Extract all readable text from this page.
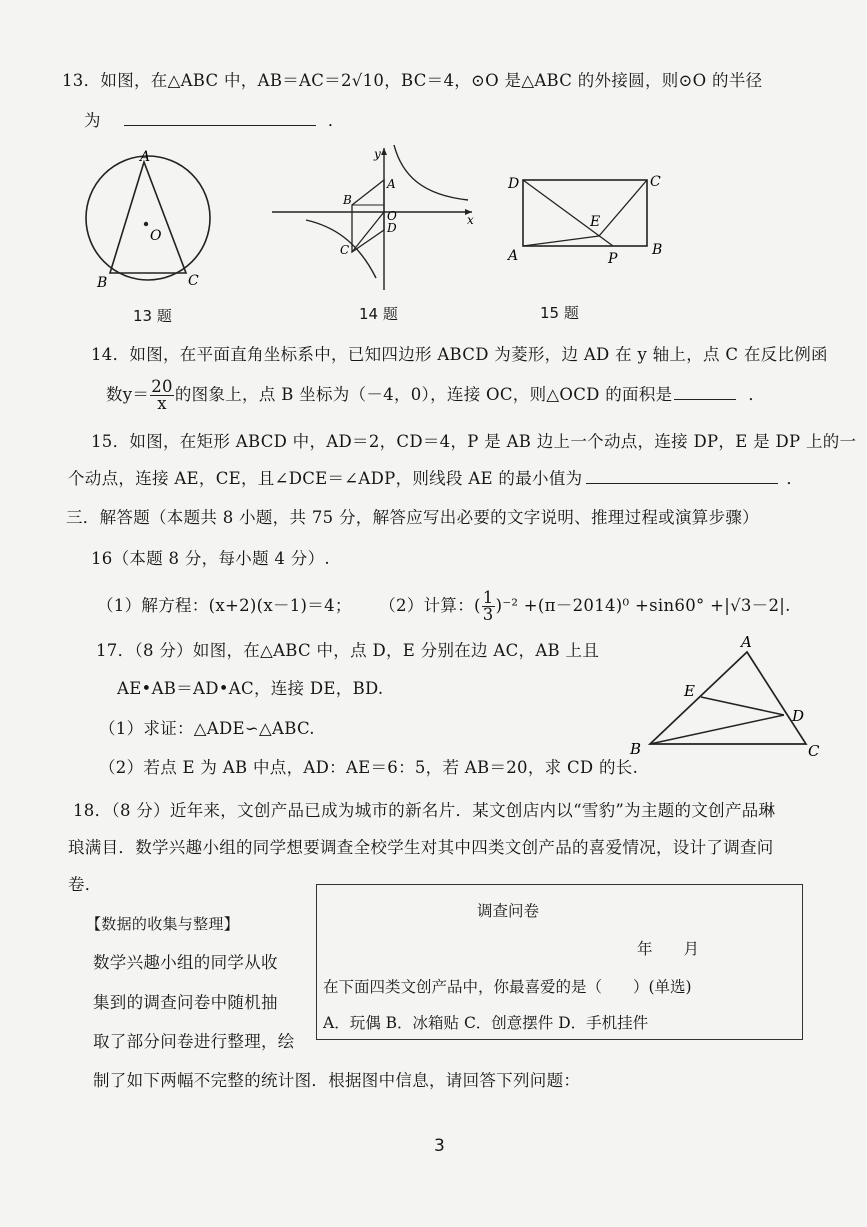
13．如图，在△ABC 中，AB＝AC＝2√10，BC＝4，⊙O 是△ABC 的外接圆，则⊙O 的半径
为	．
A
O
B	C
13 题
y
x
A
B
O
D
C
14 题
D	C
E
A	B
P
15 题
14．如图，在平面直角坐标系中，已知四边形 ABCD 为菱形，边 AD 在 y 轴上，点 C 在反比例函
数$y= \frac{20}{x}$ 的图象上，点 B 坐标为（－4，0），连接 OC，则△OCD 的面积是	．
15．如图，在矩形 ABCD 中，AD＝2，CD＝4，P 是 AB 边上一个动点，连接 DP，E 是 DP 上的一
个动点，连接 AE，CE，且∠DCE＝∠ADP，则线段 AE 的最小值为	．
三．解答题（本题共 8 小题，共 75 分，解答应写出必要的文字说明、推理过程或演算步骤）
16（本题 8 分，每小题 4 分）.
（1）解方程：(x+2)(x－1)＝4； （2）计算：( $\frac{1}{3} )^{-2} +(\pi-2014)^0 +\sin 60^\circ +|√3-2|$.
17．（8 分）如图，在△ABC 中，点 D，E 分别在边 AC，AB 上且
AE•AB＝AD•AC，连接 DE，BD.
（1）求证：△ADE∽△ABC.
（2）若点 E 为 AB 中点，AD：AE＝6：5，若 AB＝20，求 CD 的长.
A
E
D
B	C
18．（8 分）近年来，文创产品已成为城市的新名片．某文创店内以“雪豹”为主题的文创产品琳
琅满目．数学兴趣小组的同学想要调查全校学生对其中四类文创产品的喜爱情况，设计了调查问
卷．
【数据的收集与整理】
数学兴趣小组的同学从收
集到的调查问卷中随机抽
取了部分问卷进行整理，绘
调查问卷
年　　月
在下面四类文创产品中，你最喜爱的是（　　）(单选)
A．玩偶 B．冰箱贴 C．创意摆件 D．手机挂件
制了如下两幅不完整的统计图．根据图中信息，请回答下列问题：
3
